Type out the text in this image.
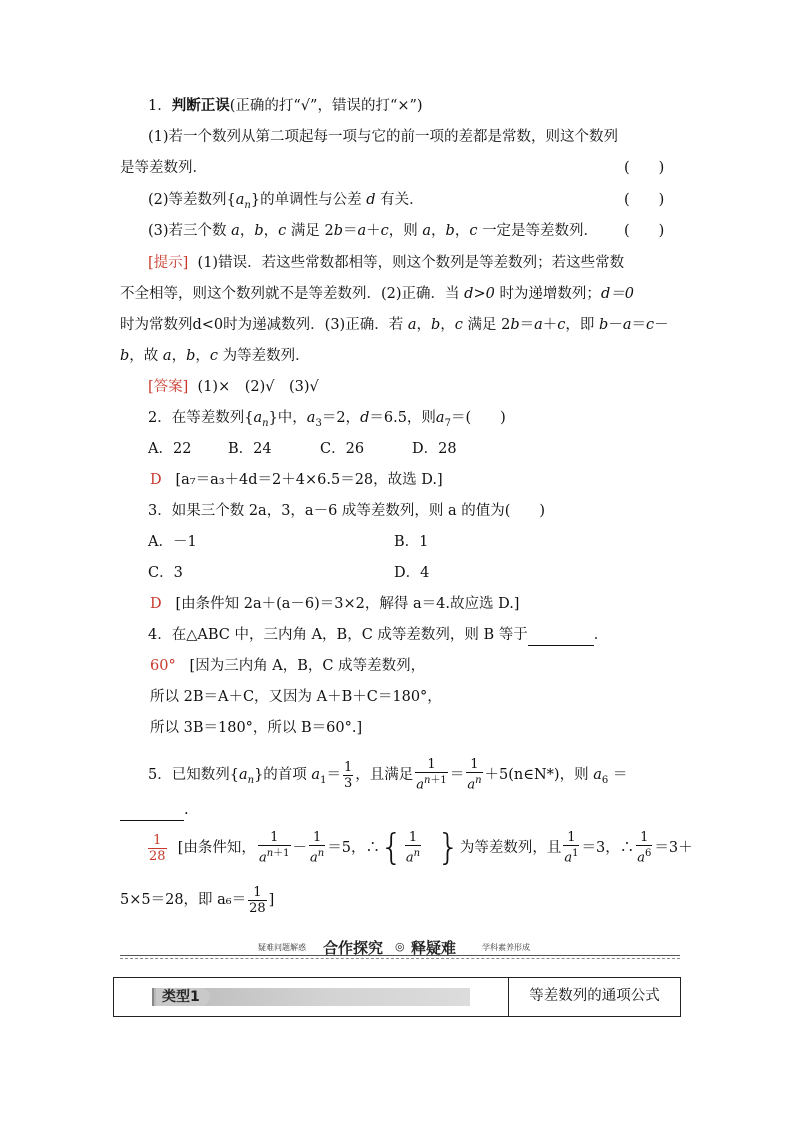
1．判断正误(正确的打“√”，错误的打“×”)
(1)若一个数列从第二项起每一项与它的前一项的差都是常数，则这个数列
是等差数列．	(　　)
(2)等差数列$\{a_n\}$的单调性与公差 d 有关．	(　　)
(3)若三个数 a，b，c 满足 2b＝a＋c，则 a，b，c 一定是等差数列． (　　)
[提示] (1)错误．若这些常数都相等，则这个数列是等差数列；若这些常数
不全相等，则这个数列就不是等差数列．(2)正确．当 d>0 时为递增数列；d＝0
时为常数列d<0时为递减数列．(3)正确．若 a，b，c 满足 2b＝a＋c，即 b－a＝c－
b，故 a，b，c 为等差数列．
[答案] (1)×　(2)√　(3)√
2．在等差数列$\{a_n\}$中，$a_3=2$，d＝6.5，则$a_7=$(　　)
A．22	B．24	C．26	D．28
D [a₇＝a₃＋4d＝2＋4×6.5＝28，故选 D.]
3．如果三个数 2a，3，a－6 成等差数列，则 a 的值为(　　)
A．－1	B．1
C．3	D．4
D [由条件知 2a＋(a－6)＝3×2，解得 a＝4.故应选 D.]
4．在△ABC 中，三内角 A，B，C 成等差数列，则 B 等于	．
60° [因为三内角 A，B，C 成等差数列，
所以 2B＝A＋C，又因为 A＋B＋C＝180°，
所以 3B＝180°，所以 B＝60°.]
5．已知数列$\{a_n\}$的首项 $a_1= \frac{1}{3}$ ，且满足 $\frac{1}{a^{n+1}} = \frac{1}{a^n}$ ＋5(n∈N*)，则 $a_6$ ＝
.
$\frac{1}{28}$ [由条件知， $\frac{1}{a^{n+1}} - \frac{1}{a^n} =5$，∴{ $\frac{1}{a^n}$ }为等差数列，且 $\frac{1}{a^1} =3$，∴ $\frac{1}{a^6} =3+$
5×5＝28，即 $a_6= \frac{1}{28}$ ]
疑难问题解惑 合作探究 ◎ 释疑难	学科素养形成
类型1	等差数列的通项公式
